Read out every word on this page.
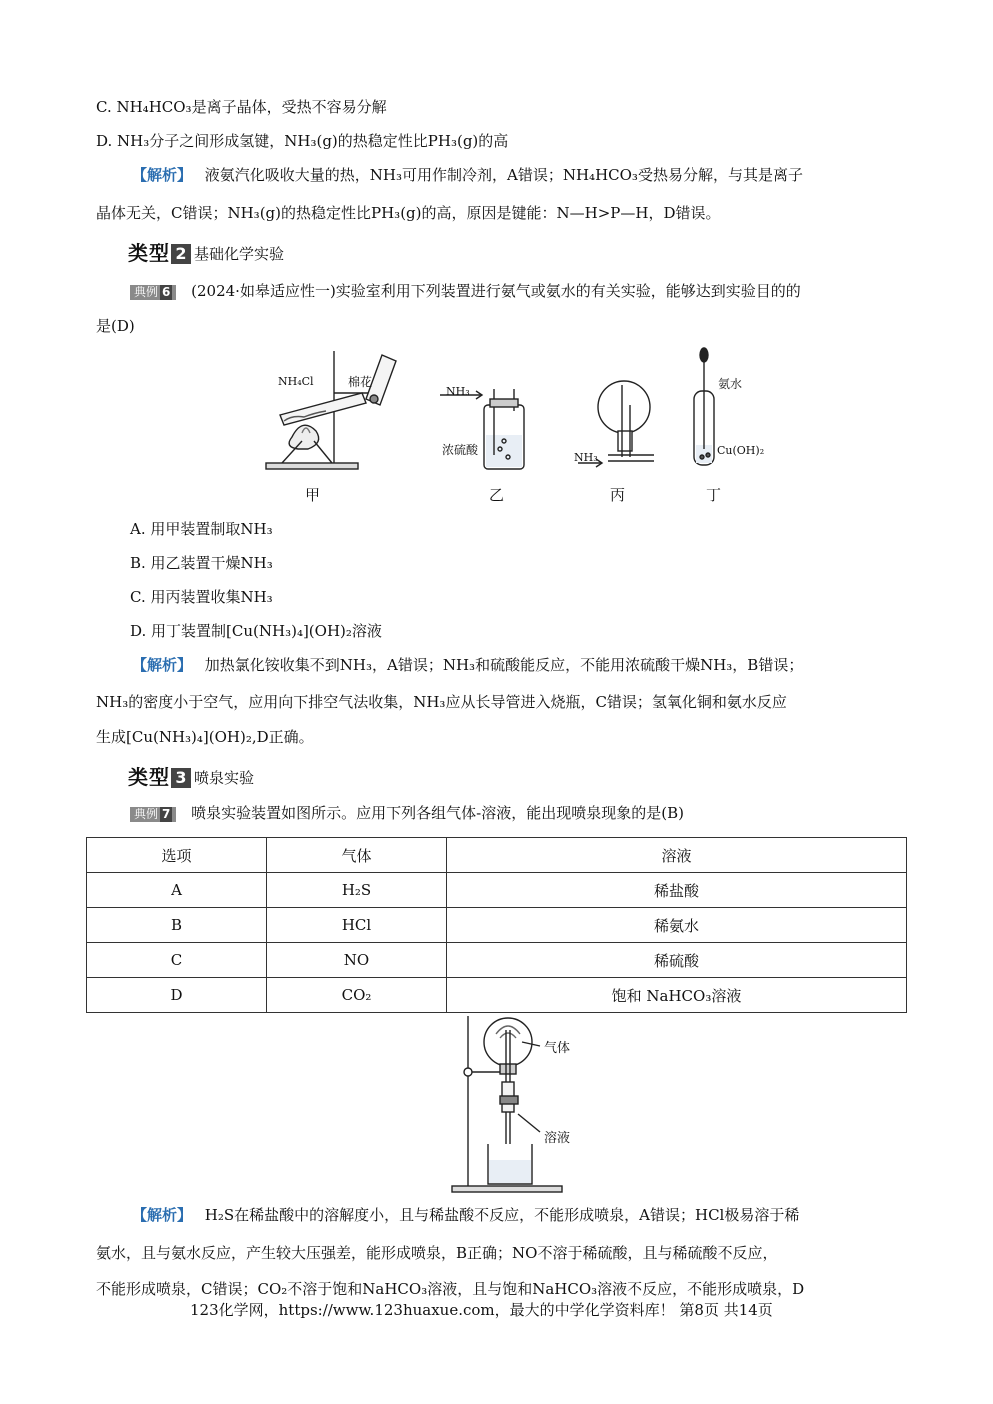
C. NH₄HCO₃是离子晶体，受热不容易分解
D. NH₃分子之间形成氢键，NH₃(g)的热稳定性比PH₃(g)的高
【解析】 液氨汽化吸收大量的热，NH₃可用作制冷剂，A错误；NH₄HCO₃受热易分解，与其是离子
晶体无关，C错误；NH₃(g)的热稳定性比PH₃(g)的高，原因是键能：N—H>P—H，D错误。
类型 2 基础化学实验
典例 6 (2024·如皋适应性一)实验室利用下列装置进行氨气或氨水的有关实验，能够达到实验目的的
是(D)
NH₄Cl	棉花
NH₃
浓硫酸
NH₃
氨水
Cu(OH)₂
甲	乙	丙	丁
A. 用甲装置制取NH₃
B. 用乙装置干燥NH₃
C. 用丙装置收集NH₃
D. 用丁装置制[Cu(NH₃)₄](OH)₂溶液
【解析】 加热氯化铵收集不到NH₃，A错误；NH₃和硫酸能反应，不能用浓硫酸干燥NH₃，B错误；
NH₃的密度小于空气，应用向下排空气法收集，NH₃应从长导管进入烧瓶，C错误；氢氧化铜和氨水反应
生成[Cu(NH₃)₄](OH)₂,D正确。
类型 3 喷泉实验
典例 7 喷泉实验装置如图所示。应用下列各组气体-溶液，能出现喷泉现象的是(B)
选项	气体	溶液
A	H₂S	稀盐酸
B	HCl	稀氨水
C	NO	稀硫酸
D	CO₂	饱和 NaHCO₃溶液
气体
溶液
【解析】 H₂S在稀盐酸中的溶解度小，且与稀盐酸不反应，不能形成喷泉，A错误；HCl极易溶于稀
氨水，且与氨水反应，产生较大压强差，能形成喷泉，B正确；NO不溶于稀硫酸，且与稀硫酸不反应，
不能形成喷泉，C错误；CO₂不溶于饱和NaHCO₃溶液，且与饱和NaHCO₃溶液不反应，不能形成喷泉，D
123化学网，https://www.123huaxue.com，最大的中学化学资料库！ 第8页 共14页
